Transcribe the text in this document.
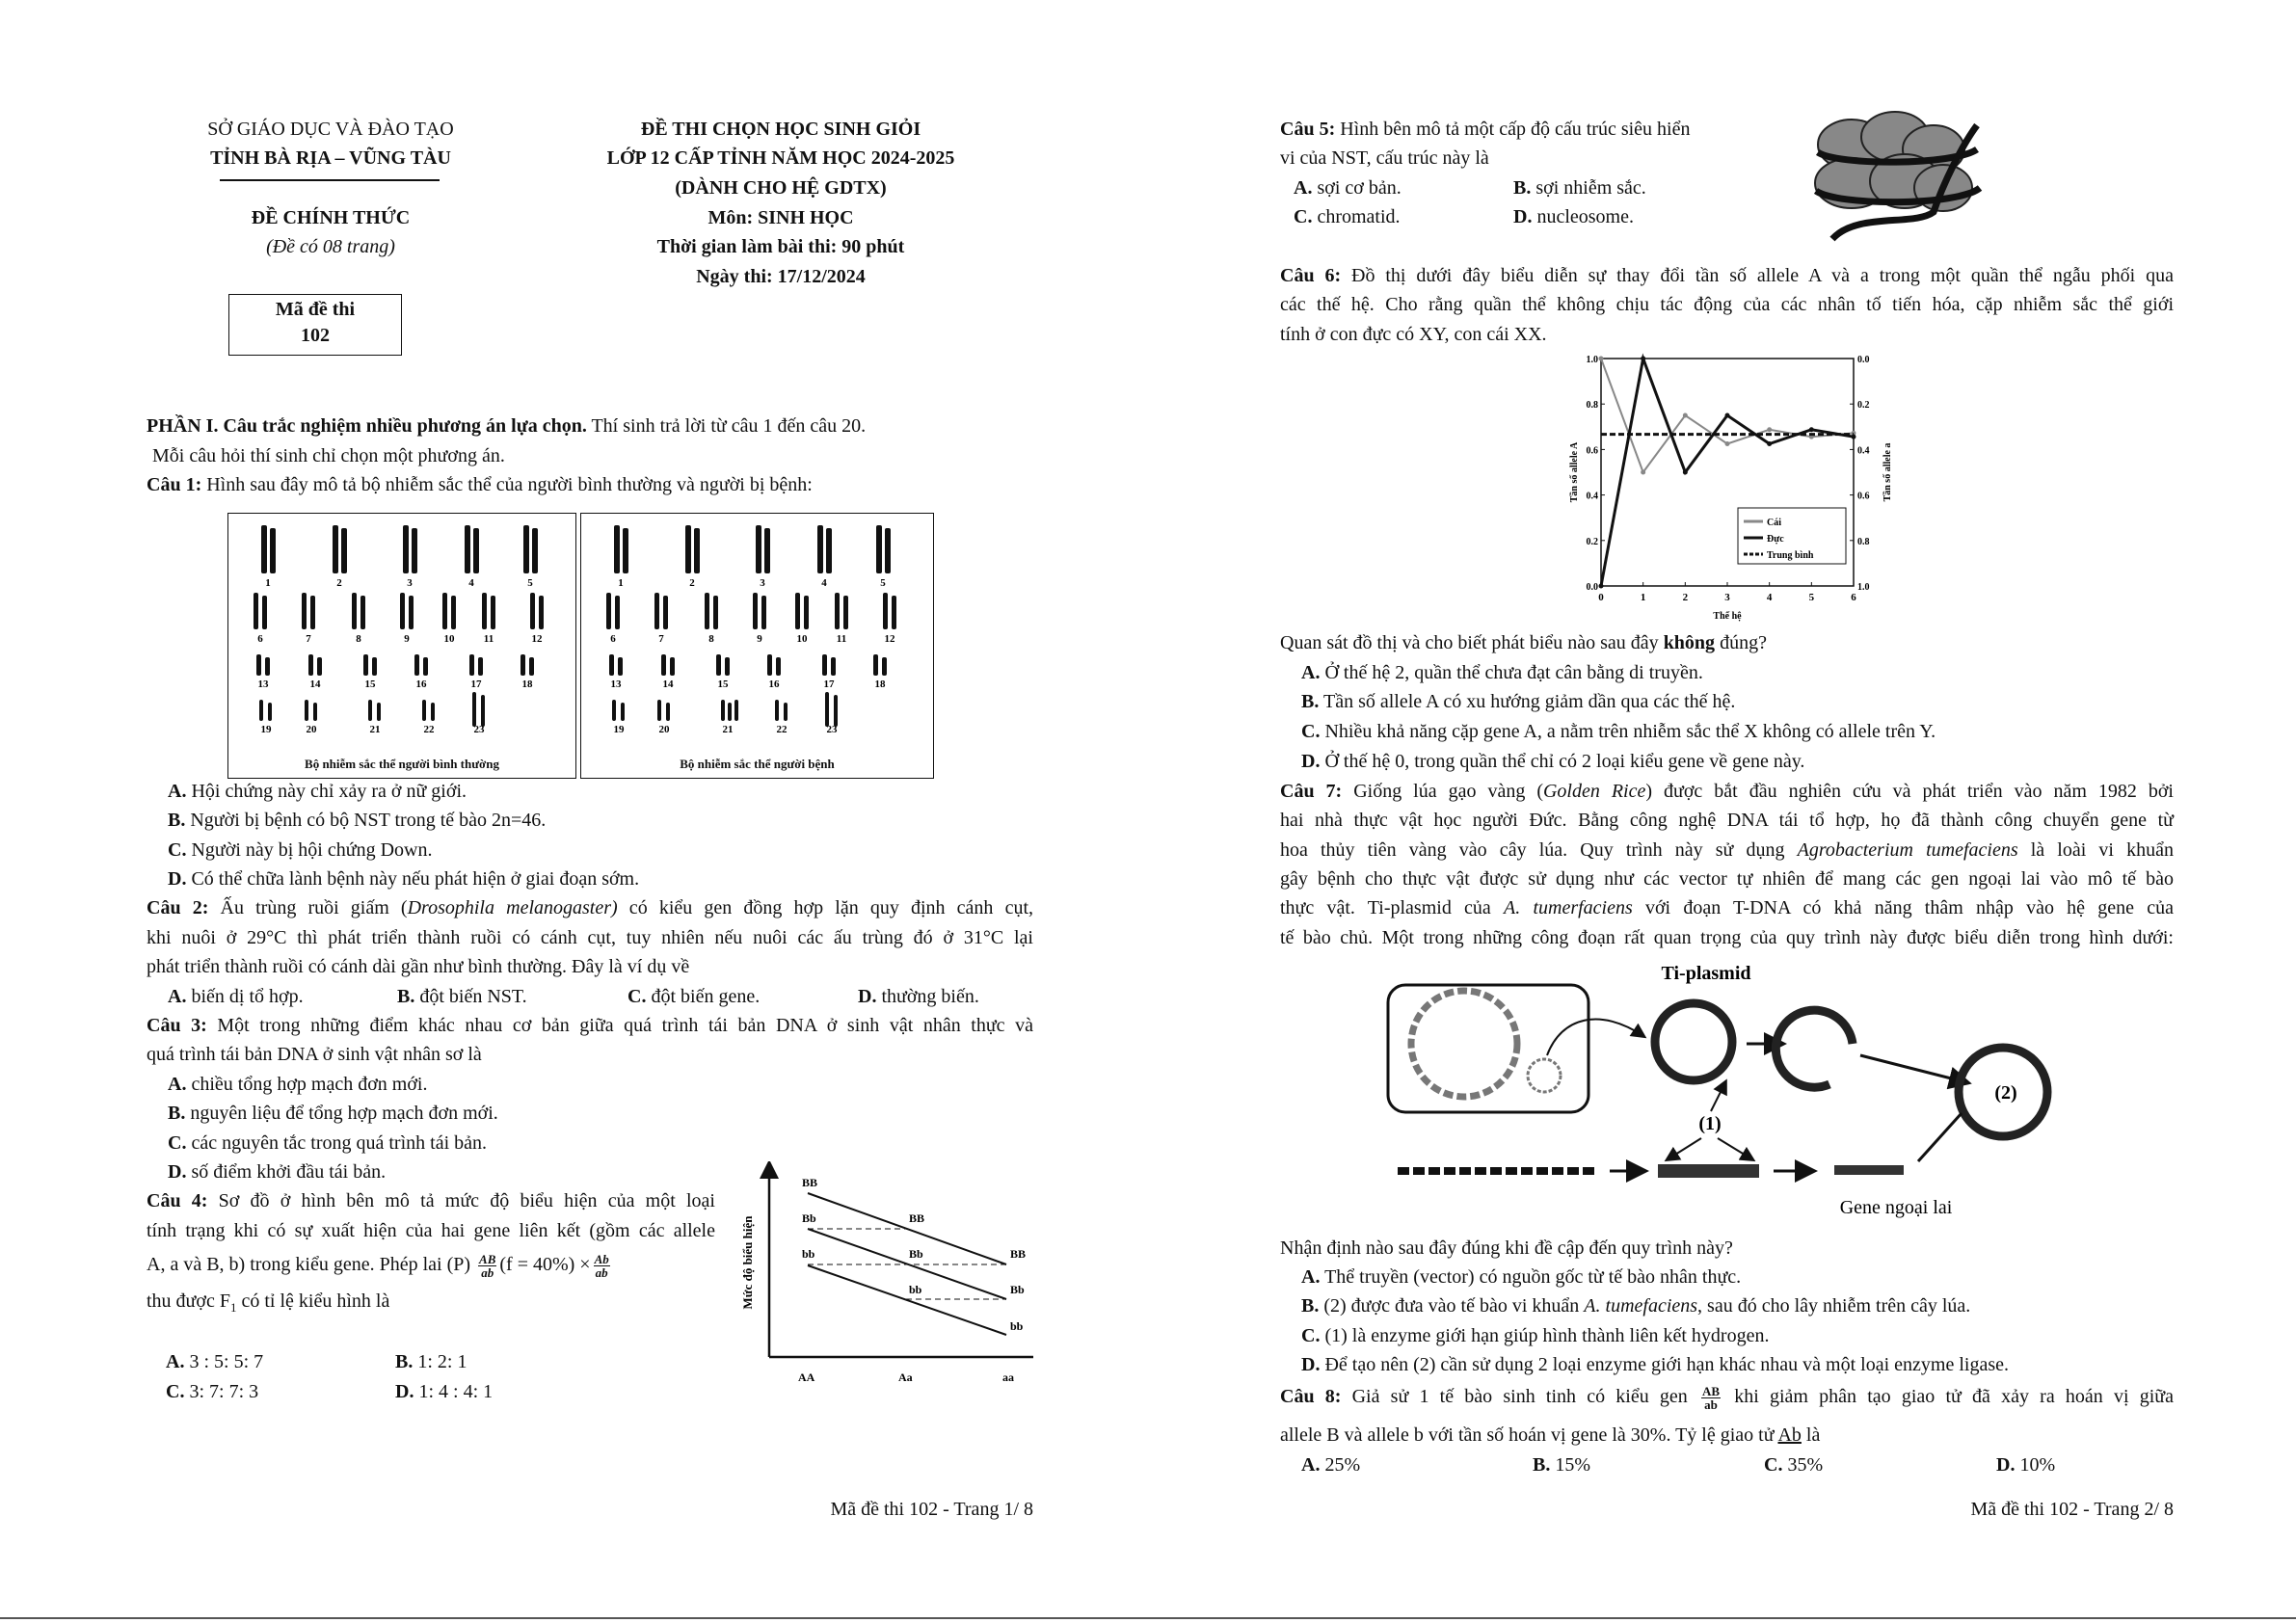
SỞ GIÁO DỤC VÀ ĐÀO TẠO
TỈNH BÀ RỊA – VŨNG TÀU
ĐỀ CHÍNH THỨC
(Đề có 08 trang)
Mã đề thi
102
ĐỀ THI CHỌN HỌC SINH GIỎI
LỚP 12 CẤP TỈNH NĂM HỌC 2024-2025
(DÀNH CHO HỆ GDTX)
Môn: SINH HỌC
Thời gian làm bài thi: 90 phút
Ngày thi: 17/12/2024
PHẦN I. Câu trắc nghiệm nhiều phương án lựa chọn. Thí sinh trả lời từ câu 1 đến câu 20.
Mỗi câu hỏi thí sinh chỉ chọn một phương án.
Câu 1: Hình sau đây mô tả bộ nhiễm sắc thể của người bình thường và người bị bệnh:
Bộ nhiễm sắc thể người bình thường
1	2	3	4	5
6	7	8	9	10	11	12
13	14	15	16	17	18
19	20	21	22	23
Bộ nhiễm sắc thể người bệnh
1	2	3	4	5
6	7	8	9	10	11	12
13	14	15	16	17	18
19	20	21	22	23
A. Hội chứng này chỉ xảy ra ở nữ giới.
B. Người bị bệnh có bộ NST trong tế bào 2n=46.
C. Người này bị hội chứng Down.
D. Có thể chữa lành bệnh này nếu phát hiện ở giai đoạn sớm.
Câu 2: Ấu trùng ruồi giấm (Drosophila melanogaster) có kiểu gen đồng hợp lặn quy định cánh cụt,
khi nuôi ở 29°C thì phát triển thành ruồi có cánh cụt, tuy nhiên nếu nuôi các ấu trùng đó ở 31°C lại
phát triển thành ruồi có cánh dài gần như bình thường. Đây là ví dụ về
A. biến dị tổ hợp.	B. đột biến NST.	C. đột biến gene.	D. thường biến.
Câu 3: Một trong những điểm khác nhau cơ bản giữa quá trình tái bản DNA ở sinh vật nhân thực và
quá trình tái bản DNA ở sinh vật nhân sơ là
A. chiều tổng hợp mạch đơn mới.
B. nguyên liệu để tổng hợp mạch đơn mới.
C. các nguyên tắc trong quá trình tái bản.
D. số điểm khởi đầu tái bản.
Câu 4: Sơ đồ ở hình bên mô tả mức độ biểu hiện của một loại
tính trạng khi có sự xuất hiện của hai gene liên kết (gồm các allele
A, a và B, b) trong kiểu gene. Phép lai $(P) \frac{AB}{ab} (f = 40\%) \times \frac{Ab}{ab}$
thu được $F_1$ có tỉ lệ kiểu hình là
A. 3 : 5: 5: 7	B. 1: 2: 1
C. 3: 7: 7: 3	D. 1: 4 : 4: 1
Mức độ biểu hiện
BB
Bb
bb
BB
Bb
bb
BB
Bb
bb
AA	Aa	aa
Mã đề thi 102 - Trang 1/ 8
Câu 5: Hình bên mô tả một cấp độ cấu trúc siêu hiển
vi của NST, cấu trúc này là
A. sợi cơ bản.	B. sợi nhiễm sắc.
C. chromatid.	D. nucleosome.
Câu 6: Đồ thị dưới đây biểu diễn sự thay đổi tần số allele A và a trong một quần thể ngẫu phối qua
các thế hệ. Cho rằng quần thể không chịu tác động của các nhân tố tiến hóa, cặp nhiễm sắc thể giới
tính ở con đực có XY, con cái XX.
0.0	1.0
0.2	0.8
0.4	0.6
0.6	0.4
0.8	0.2
1.0	0.0
0	1	2	3	4	5	6
Thế hệ
Tần số allele A	Tần số allele a
Cái
Đực
Trung bình
Quan sát đồ thị và cho biết phát biểu nào sau đây không đúng?
A. Ở thế hệ 2, quần thể chưa đạt cân bằng di truyền.
B. Tần số allele A có xu hướng giảm dần qua các thế hệ.
C. Nhiều khả năng cặp gene A, a nằm trên nhiễm sắc thể X không có allele trên Y.
D. Ở thế hệ 0, trong quần thể chỉ có 2 loại kiểu gene về gene này.
Câu 7: Giống lúa gạo vàng (Golden Rice) được bắt đầu nghiên cứu và phát triển vào năm 1982 bởi
hai nhà thực vật học người Đức. Bằng công nghệ DNA tái tổ hợp, họ đã thành công chuyển gene từ
hoa thủy tiên vàng vào cây lúa. Quy trình này sử dụng Agrobacterium tumefaciens là loài vi khuẩn
gây bệnh cho thực vật được sử dụng như các vector tự nhiên để mang các gen ngoại lai vào mô tế bào
thực vật. Ti-plasmid của A. tumerfaciens với đoạn T-DNA có khả năng thâm nhập vào hệ gene của
tế bào chủ. Một trong những công đoạn rất quan trọng của quy trình này được biểu diễn trong hình dưới:
Ti-plasmid
(2)
(1)
Gene ngoại lai
Nhận định nào sau đây đúng khi đề cập đến quy trình này?
A. Thể truyền (vector) có nguồn gốc từ tế bào nhân thực.
B. (2) được đưa vào tế bào vi khuẩn A. tumefaciens, sau đó cho lây nhiễm trên cây lúa.
C. (1) là enzyme giới hạn giúp hình thành liên kết hydrogen.
D. Để tạo nên (2) cần sử dụng 2 loại enzyme giới hạn khác nhau và một loại enzyme ligase.
Câu 8: Giả sử 1 tế bào sinh tinh có kiểu gen $\frac{AB}{ab}$ khi giảm phân tạo giao tử đã xảy ra hoán vị giữa
allele B và allele b với tần số hoán vị gene là 30%. Tỷ lệ giao tử Ab là
A. 25%	B. 15%	C. 35%	D. 10%
Mã đề thi 102 - Trang 2/ 8
